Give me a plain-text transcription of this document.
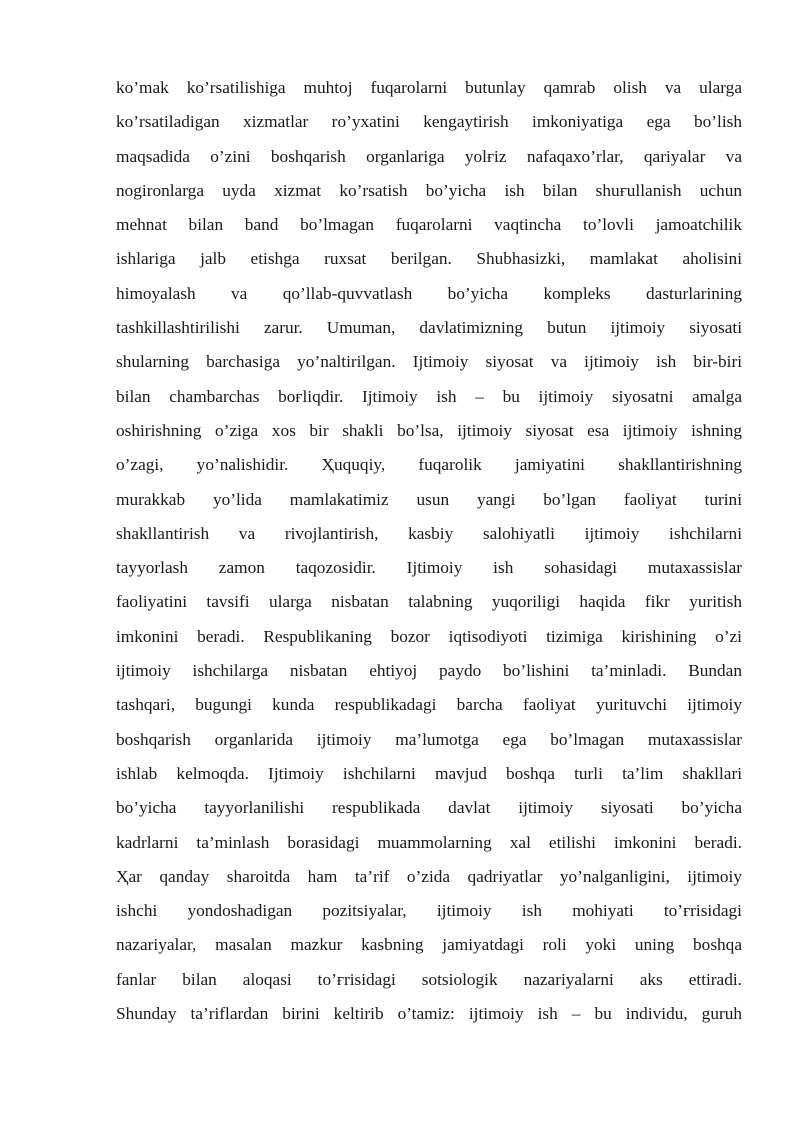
ko’mak ko’rsatilishiga muhtoj fuqarolarni butunlay qamrab olish va ularga
ko’rsatiladigan xizmatlar ro’yxatini kengaytirish imkoniyatiga ega bo’lish
maqsadida o’zini boshqarish organlariga yolғiz nafaqaxo’rlar, qariyalar va
nogironlarga uyda xizmat ko’rsatish bo’yicha ish bilan shuғullanish uchun
mehnat bilan band bo’lmagan fuqarolarni vaqtincha to’lovli jamoatchilik
ishlariga jalb etishga ruxsat berilgan. Shubhasizki, mamlakat aholisini
himoyalash va qo’llab-quvvatlash bo’yicha kompleks dasturlarining
tashkillashtirilishi zarur. Umuman, davlatimizning butun ijtimoiy siyosati
shularning barchasiga yo’naltirilgan. Ijtimoiy siyosat va ijtimoiy ish bir-biri
bilan chambarchas boғliqdir. Ijtimoiy ish – bu ijtimoiy siyosatni amalga
oshirishning o’ziga xos bir shakli bo’lsa, ijtimoiy siyosat esa ijtimoiy ishning
o’zagi, yo’nalishidir. Ҳuquqiy, fuqarolik jamiyatini shakllantirishning
murakkab yo’lida mamlakatimiz usun yangi bo’lgan faoliyat turini
shakllantirish va rivojlantirish, kasbiy salohiyatli ijtimoiy ishchilarni
tayyorlash zamon taqozosidir. Ijtimoiy ish sohasidagi mutaxassislar
faoliyatini tavsifi ularga nisbatan talabning yuqoriligi haqida fikr yuritish
imkonini beradi. Respublikaning bozor iqtisodiyoti tizimiga kirishining o’zi
ijtimoiy ishchilarga nisbatan ehtiyoj paydo bo’lishini ta’minladi. Bundan
tashqari, bugungi kunda respublikadagi barcha faoliyat yurituvchi ijtimoiy
boshqarish organlarida ijtimoiy ma’lumotga ega bo’lmagan mutaxassislar
ishlab kelmoqda. Ijtimoiy ishchilarni mavjud boshqa turli ta’lim shakllari
bo’yicha tayyorlanilishi respublikada davlat ijtimoiy siyosati bo’yicha
kadrlarni ta’minlash borasidagi muammolarning xal etilishi imkonini beradi.
Ҳar qanday sharoitda ham ta’rif o’zida qadriyatlar yo’nalganligini, ijtimoiy
ishchi yondoshadigan pozitsiyalar, ijtimoiy ish mohiyati to’ғrisidagi
nazariyalar, masalan mazkur kasbning jamiyatdagi roli yoki uning boshqa
fanlar bilan aloqasi to’ғrisidagi sotsiologik nazariyalarni aks ettiradi.
Shunday ta’riflardan birini keltirib o’tamiz: ijtimoiy ish – bu individu, guruh
